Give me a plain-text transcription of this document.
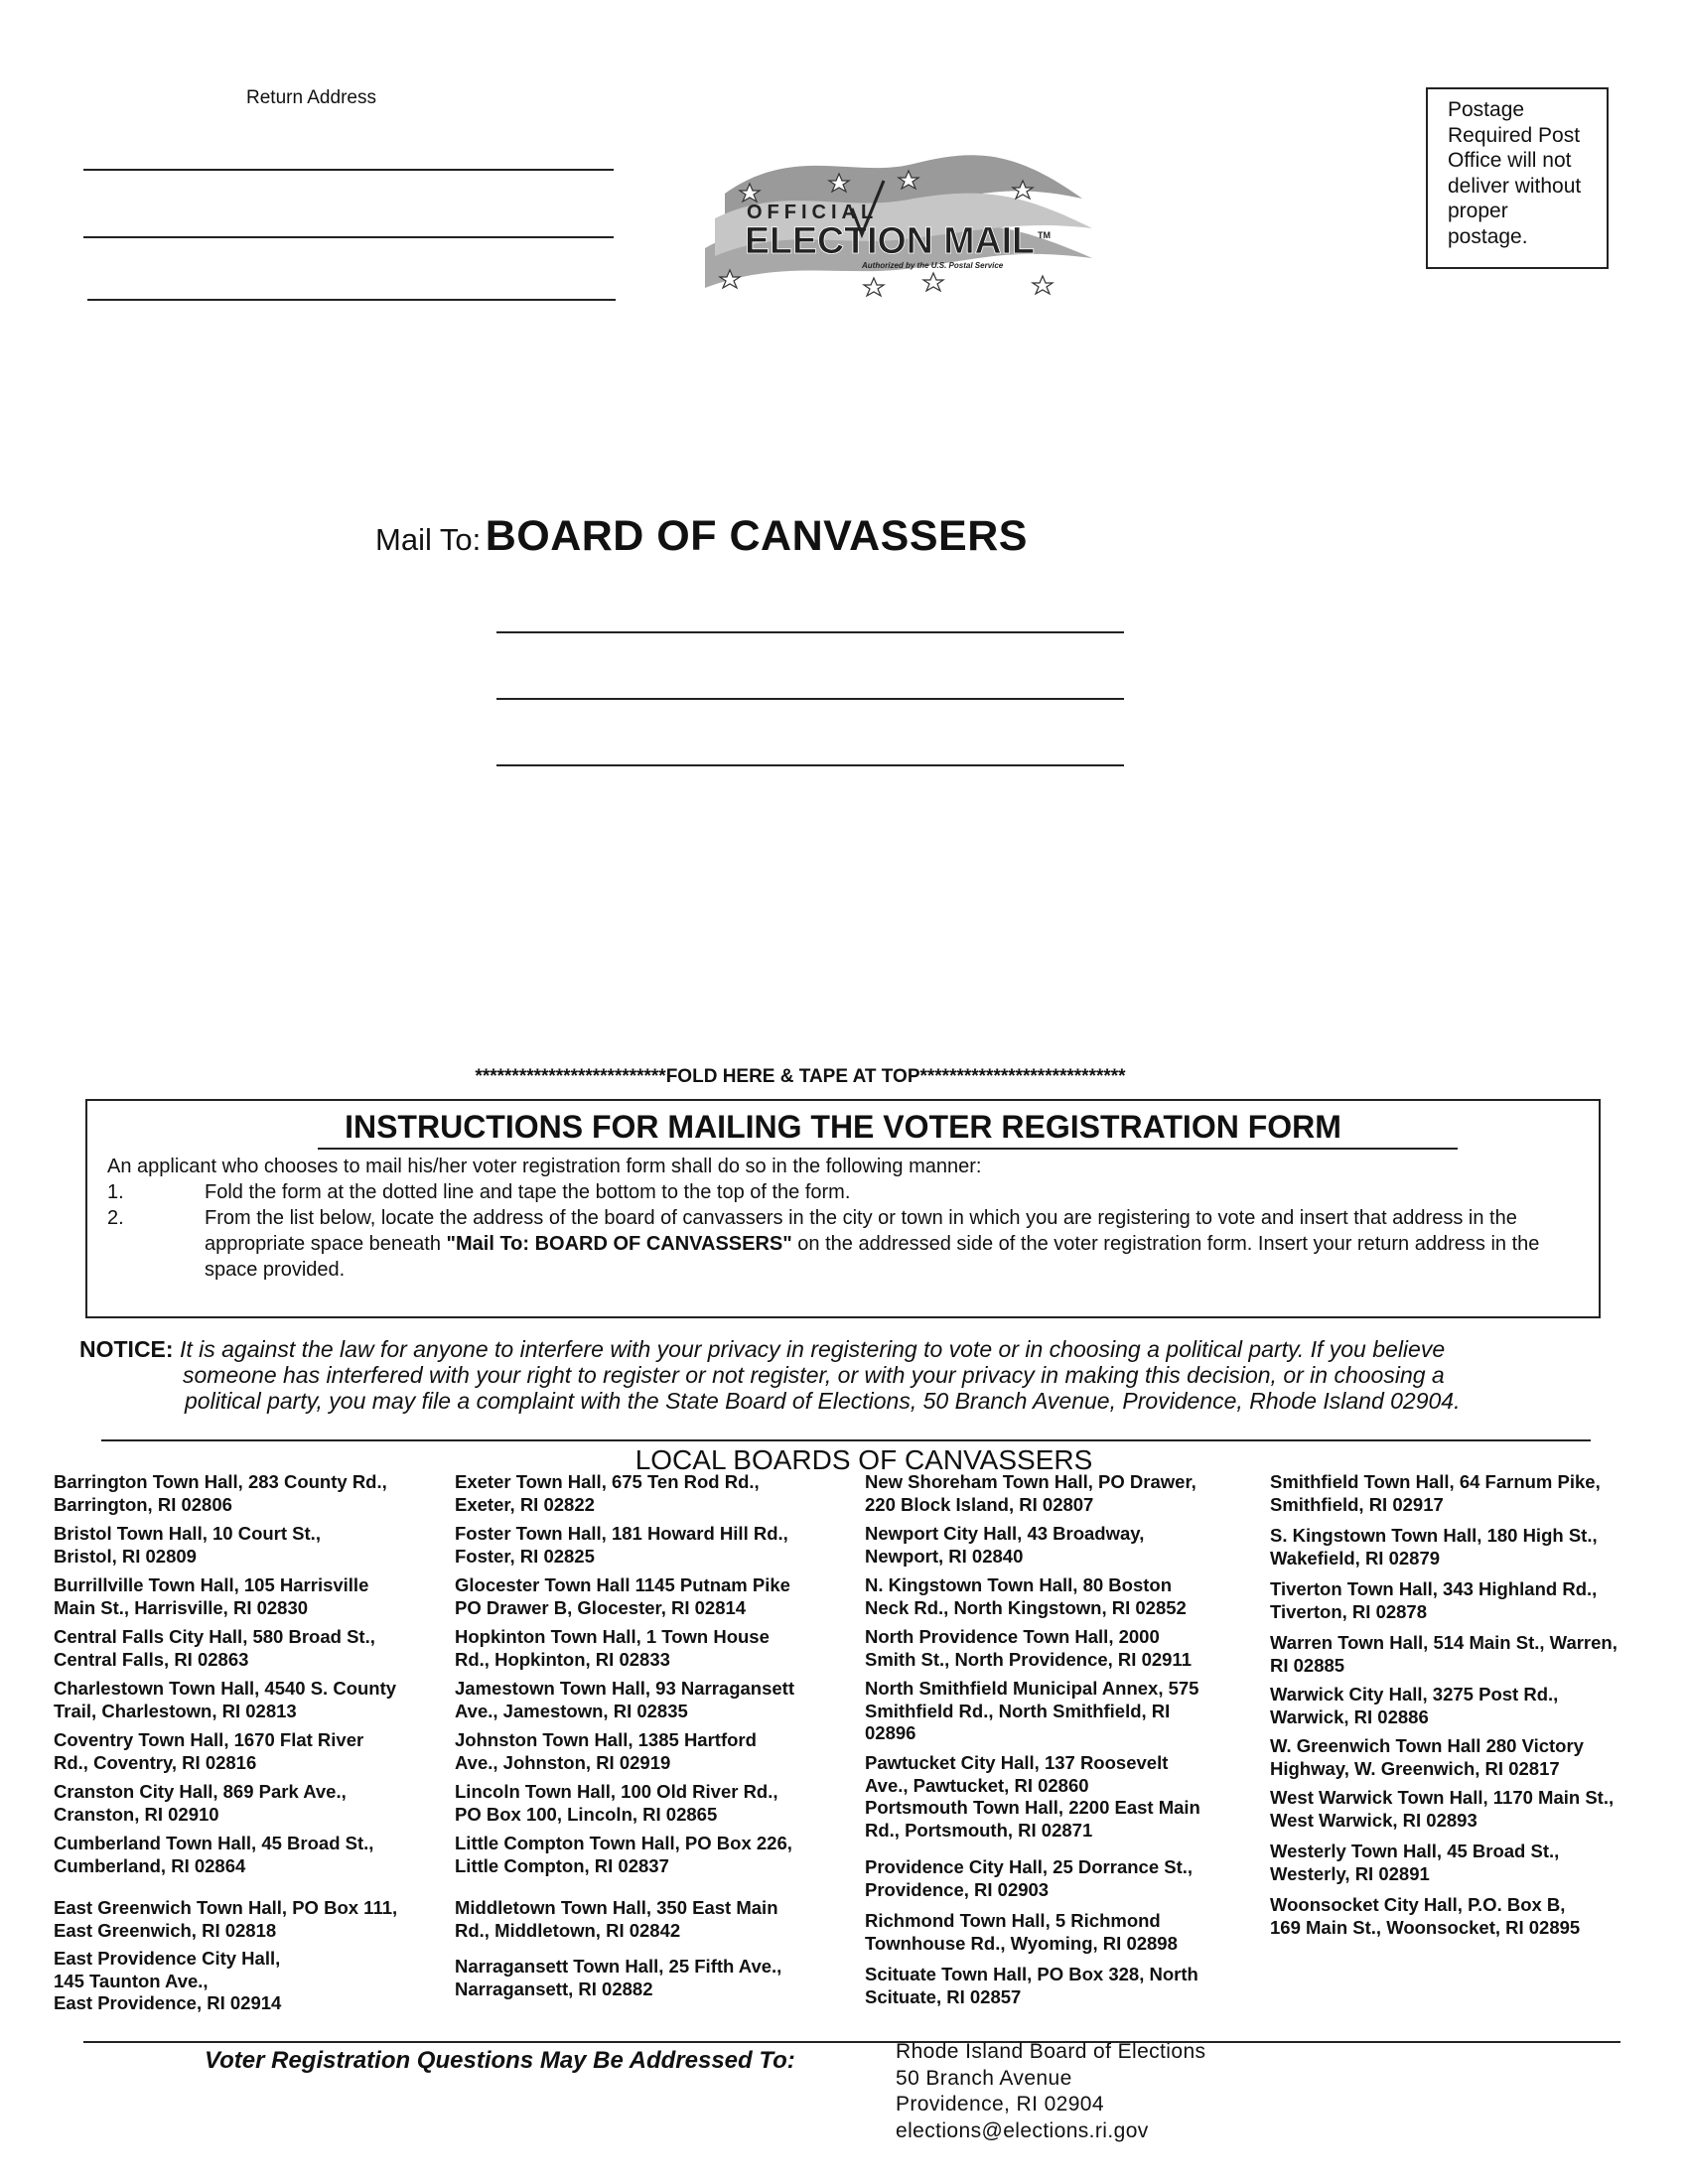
Return Address
OFFICIAL
ELECTION MAIL TM
Authorized by the U.S. Postal Service
Postage
Required Post
Office will not
deliver without
proper
postage.
Mail To: BOARD OF CANVASSERS
**************************FOLD HERE & TAPE AT TOP****************************
INSTRUCTIONS FOR MAILING THE VOTER REGISTRATION FORM
An applicant who chooses to mail his/her voter registration form shall do so in the following manner:
1.	Fold the form at the dotted line and tape the bottom to the top of the form.
2.	From the list below, locate the address of the board of canvassers in the city or town in which you are registering to vote and insert that address in the appropriate space beneath "Mail To: BOARD OF CANVASSERS" on the addressed side of the voter registration form. Insert your return address in the space provided.
NOTICE: It is against the law for anyone to interfere with your privacy in registering to vote or in choosing a political party. If you believe
someone has interfered with your right to register or not register, or with your privacy in making this decision, or in choosing a
political party, you may file a complaint with the State Board of Elections, 50 Branch Avenue, Providence, Rhode Island 02904.
LOCAL BOARDS OF CANVASSERS
Barrington Town Hall, 283 County Rd.,
Barrington, RI 02806
Bristol Town Hall, 10 Court St.,
Bristol, RI 02809
Burrillville Town Hall, 105 Harrisville
Main St., Harrisville, RI 02830
Central Falls City Hall, 580 Broad St.,
Central Falls, RI 02863
Charlestown Town Hall, 4540 S. County
Trail, Charlestown, RI 02813
Coventry Town Hall, 1670 Flat River
Rd., Coventry, RI 02816
Cranston City Hall, 869 Park Ave.,
Cranston, RI 02910
Cumberland Town Hall, 45 Broad St.,
Cumberland, RI 02864
East Greenwich Town Hall, PO Box 111,
East Greenwich, RI 02818
East Providence City Hall,
145 Taunton Ave.,
East Providence, RI 02914
Exeter Town Hall, 675 Ten Rod Rd.,
Exeter, RI 02822
Foster Town Hall, 181 Howard Hill Rd.,
Foster, RI 02825
Glocester Town Hall 1145 Putnam Pike
PO Drawer B, Glocester, RI 02814
Hopkinton Town Hall, 1 Town House
Rd., Hopkinton, RI 02833
Jamestown Town Hall, 93 Narragansett
Ave., Jamestown, RI 02835
Johnston Town Hall, 1385 Hartford
Ave., Johnston, RI 02919
Lincoln Town Hall, 100 Old River Rd.,
PO Box 100, Lincoln, RI 02865
Little Compton Town Hall, PO Box 226,
Little Compton, RI 02837
Middletown Town Hall, 350 East Main
Rd., Middletown, RI 02842
Narragansett Town Hall, 25 Fifth Ave.,
Narragansett, RI 02882
New Shoreham Town Hall, PO Drawer,
220 Block Island, RI 02807
Newport City Hall, 43 Broadway,
Newport, RI 02840
N. Kingstown Town Hall, 80 Boston
Neck Rd., North Kingstown, RI 02852
North Providence Town Hall, 2000
Smith St., North Providence, RI 02911
North Smithfield Municipal Annex, 575
Smithfield Rd., North Smithfield, RI
02896
Pawtucket City Hall, 137 Roosevelt
Ave., Pawtucket, RI 02860
Portsmouth Town Hall, 2200 East Main
Rd., Portsmouth, RI 02871
Providence City Hall, 25 Dorrance St.,
Providence, RI 02903
Richmond Town Hall, 5 Richmond
Townhouse Rd., Wyoming, RI 02898
Scituate Town Hall, PO Box 328, North
Scituate, RI 02857
Smithfield Town Hall, 64 Farnum Pike,
Smithfield, RI 02917
S. Kingstown Town Hall, 180 High St.,
Wakefield, RI 02879
Tiverton Town Hall, 343 Highland Rd.,
Tiverton, RI 02878
Warren Town Hall, 514 Main St., Warren,
RI 02885
Warwick City Hall, 3275 Post Rd.,
Warwick, RI 02886
W. Greenwich Town Hall 280 Victory
Highway, W. Greenwich, RI 02817
West Warwick Town Hall, 1170 Main St.,
West Warwick, RI 02893
Westerly Town Hall, 45 Broad St.,
Westerly, RI 02891
Woonsocket City Hall, P.O. Box B,
169 Main St., Woonsocket, RI 02895
Voter Registration Questions May Be Addressed To:	Rhode Island Board of Elections
50 Branch Avenue
Providence, RI 02904
elections@elections.ri.gov
